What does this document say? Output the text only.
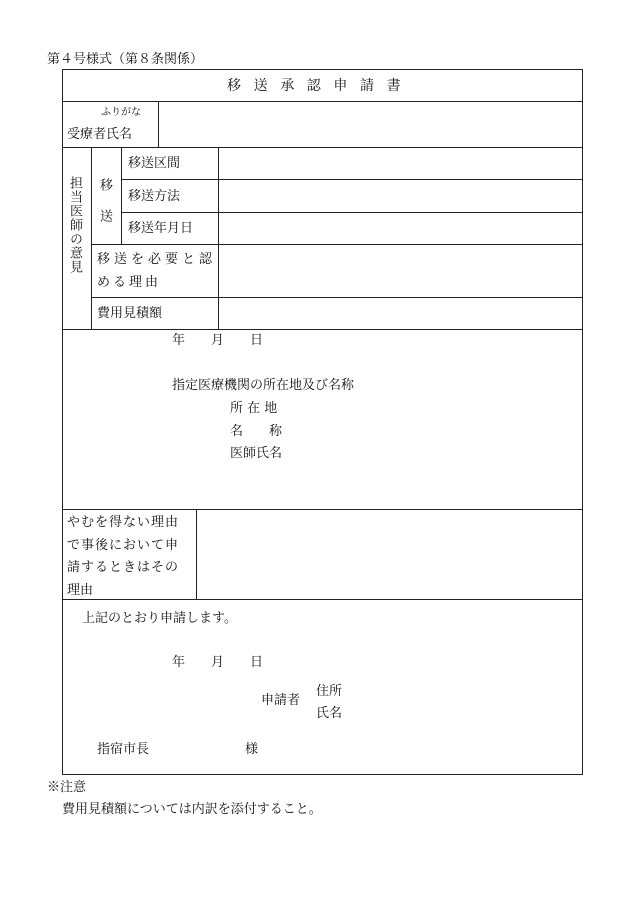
第４号様式（第８条関係）
移送承認申請書
ふりがな
受療者氏名
担当医師の意見 移送
移送区間
移送方法
移送年月日
移送を必要と認
める理由
費用見積額
年　　月　　日
指定医療機関の所在地及び名称
所 在 地
名　　称
医師氏名
やむを得ない理由
で事後において申
請するときはその
理由
上記のとおり申請します。
年　　月　　日
申請者
住所
氏名
指宿市長	様
※注意
費用見積額については内訳を添付すること。
